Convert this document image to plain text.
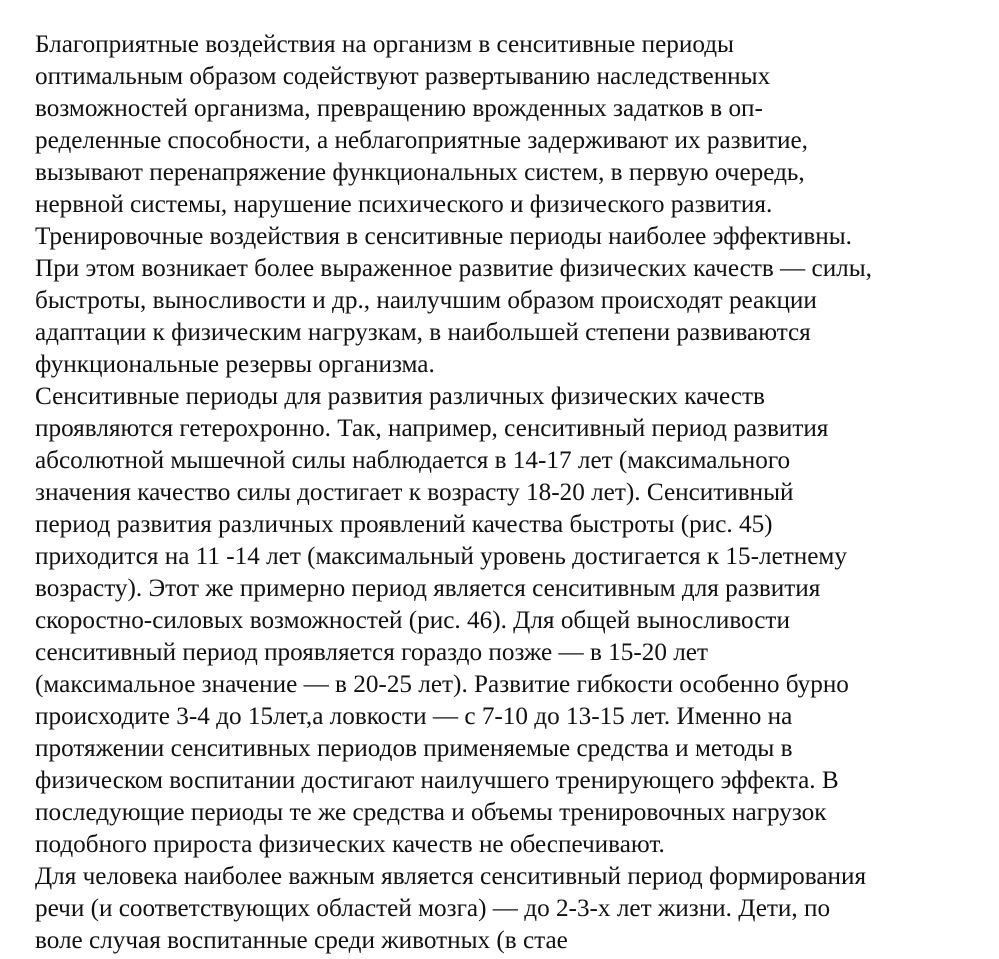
Благоприятные воздействия на организм в сенситивные периоды
оптимальным образом содействуют развертыванию наследственных
возможностей организма, превращению врожденных задатков в оп-
ределенные способности, а неблагоприятные задерживают их развитие,
вызывают перенапряжение функциональных систем, в первую очередь,
нервной системы, нарушение психического и физического развития.
Тренировочные воздействия в сенситивные периоды наиболее эффективны.
При этом возникает более выраженное развитие физических качеств — силы,
быстроты, выносливости и др., наилучшим образом происходят реакции
адаптации к физическим нагрузкам, в наибольшей степени развиваются
функциональные резервы организма.
Сенситивные периоды для развития различных физических качеств
проявляются гетерохронно. Так, например, сенситивный период развития
абсолютной мышечной силы наблюдается в 14-17 лет (максимального
значения качество силы достигает к возрасту 18-20 лет). Сенситивный
период развития различных проявлений качества быстроты (рис. 45)
приходится на 11 -14 лет (максимальный уровень достигается к 15-летнему
возрасту). Этот же примерно период является сенситивным для развития
скоростно-силовых возможностей (рис. 46). Для общей выносливости
сенситивный период проявляется гораздо позже — в 15-20 лет
(максимальное значение — в 20-25 лет). Развитие гибкости особенно бурно
происходите 3-4 до 15лет,а ловкости — с 7-10 до 13-15 лет. Именно на
протяжении сенситивных периодов применяемые средства и методы в
физическом воспитании достигают наилучшего тренирующего эффекта. В
последующие периоды те же средства и объемы тренировочных нагрузок
подобного прироста физических качеств не обеспечивают.
Для человека наиболее важным является сенситивный период формирования
речи (и соответствующих областей мозга) — до 2-3-х лет жизни. Дети, по
воле случая воспитанные среди животных (в стае
